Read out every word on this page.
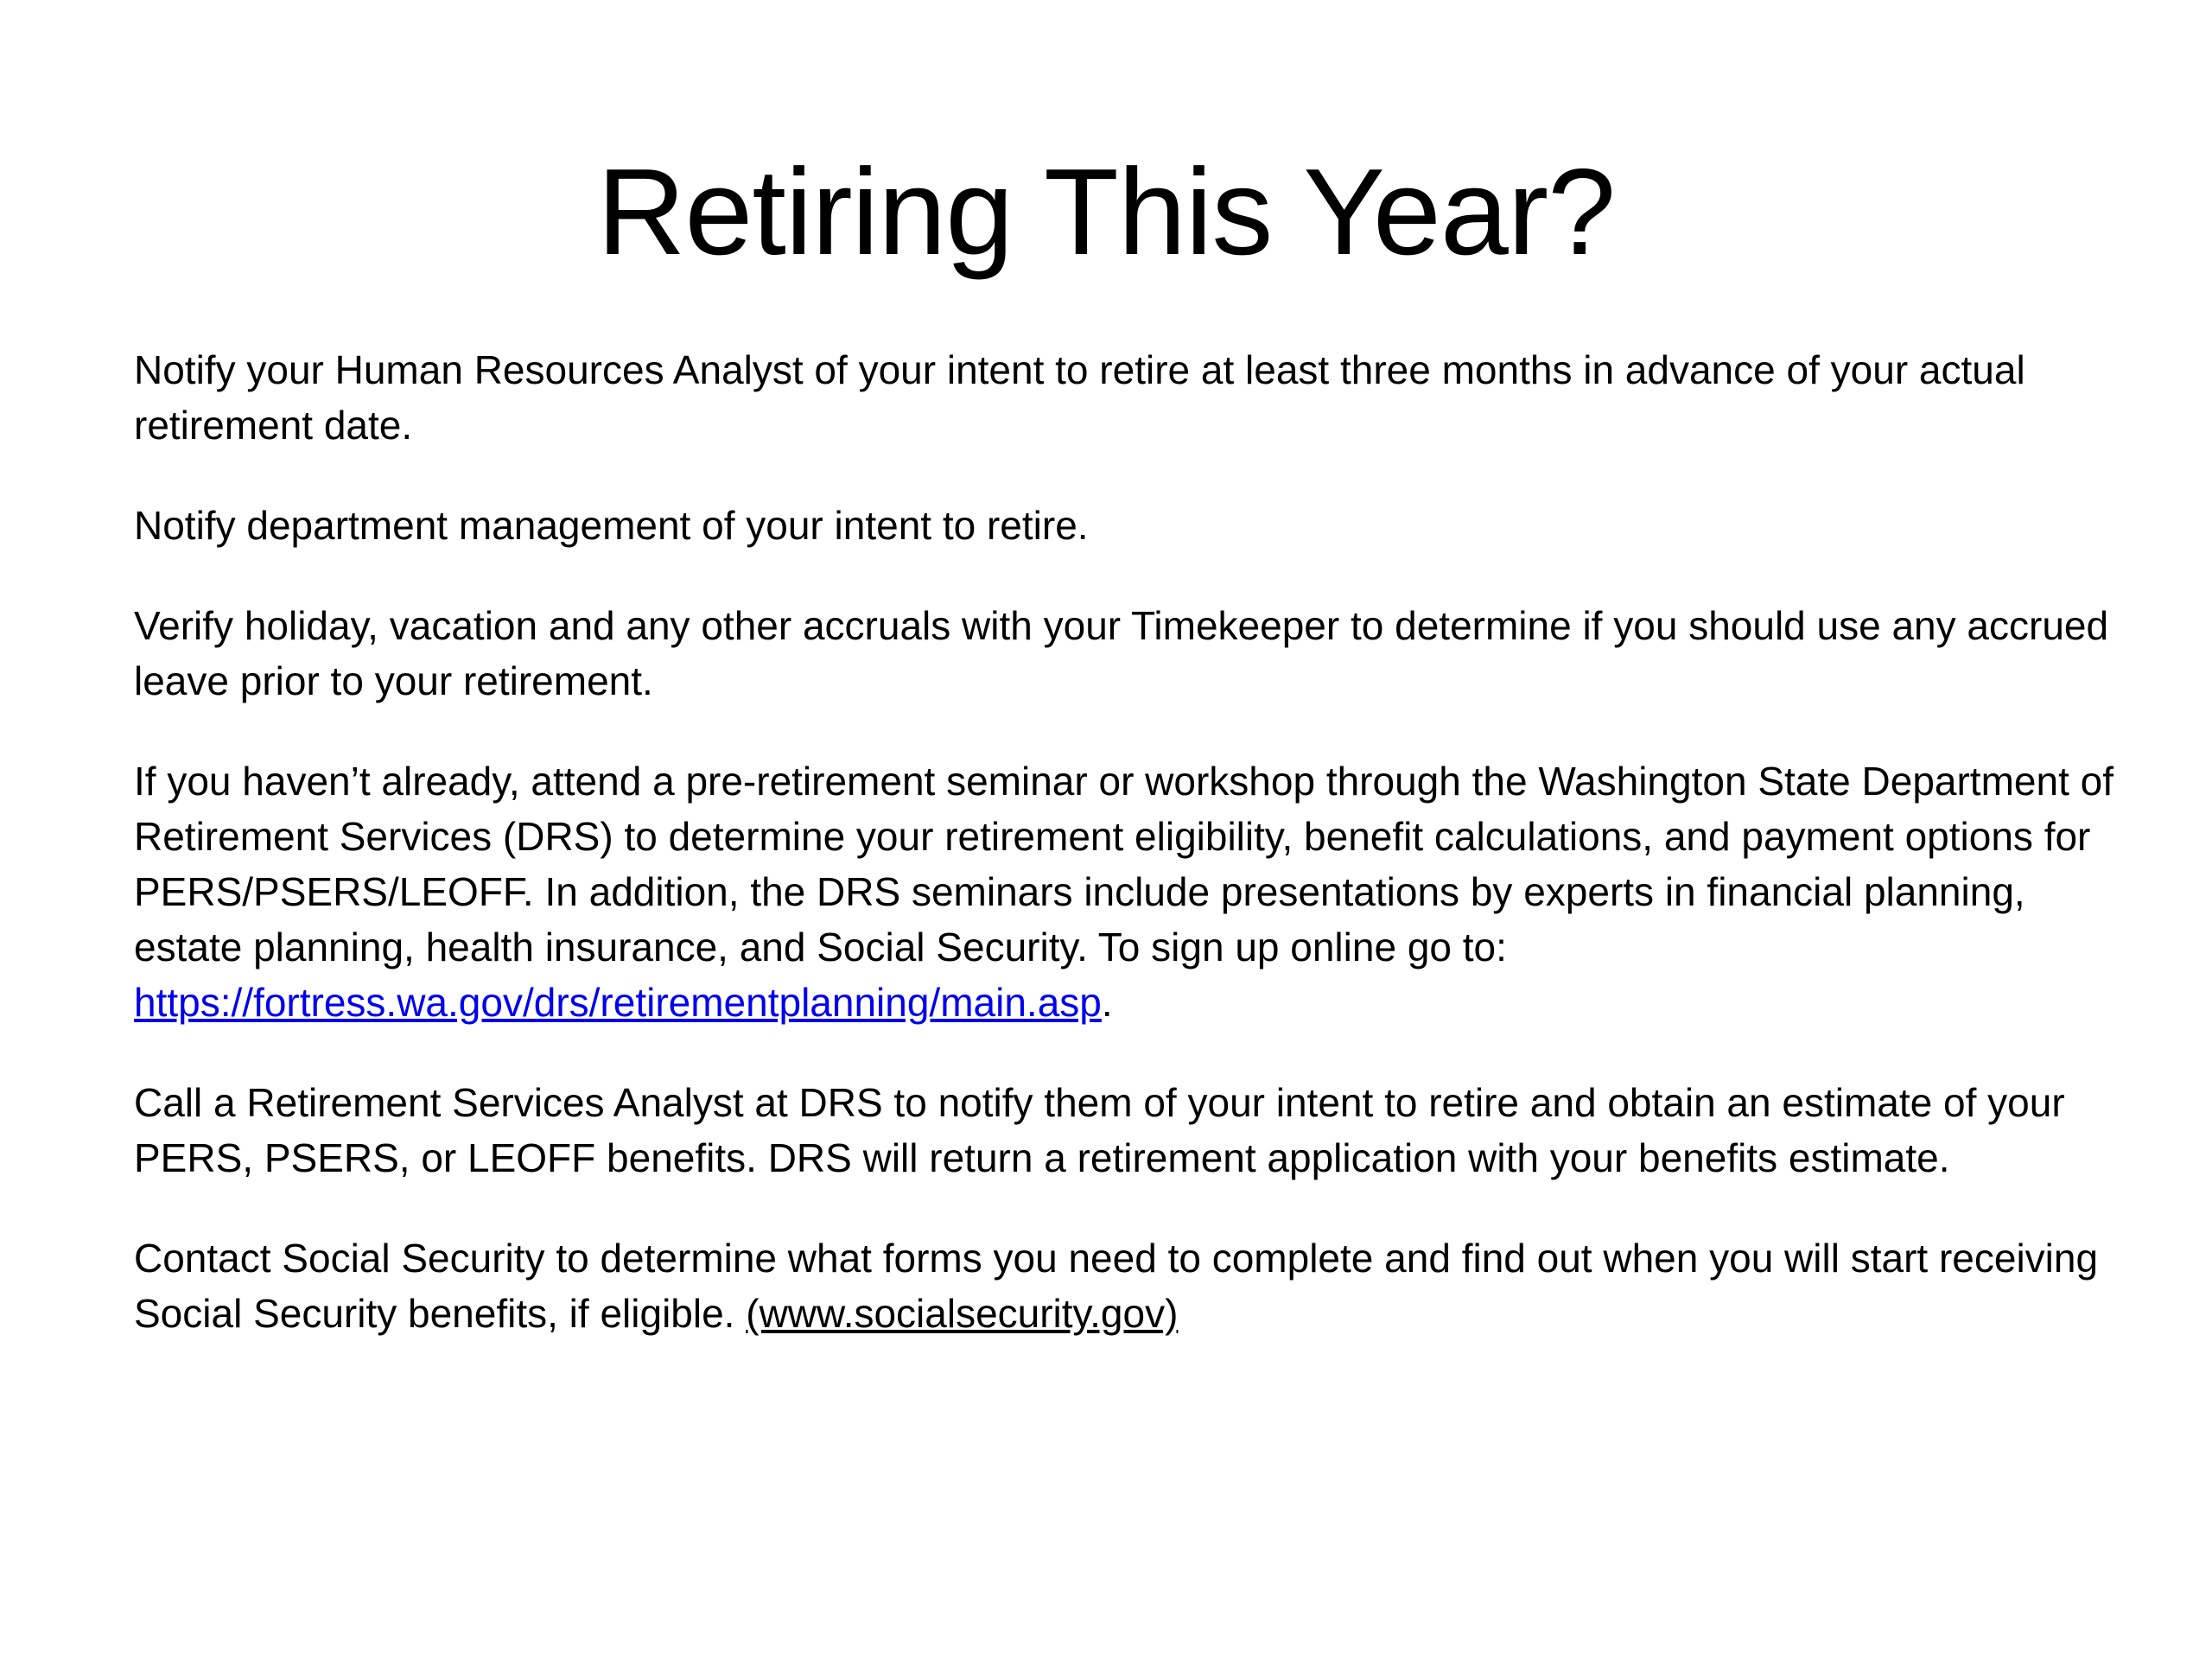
Retiring This Year?

Notify your Human Resources Analyst of your intent to retire at least three months in advance of your actual retirement date.

Notify department management of your intent to retire.

Verify holiday, vacation and any other accruals with your Timekeeper to determine if you should use any accrued leave prior to your retirement.

If you haven’t already, attend a pre-retirement seminar or workshop through the Washington State Department of Retirement Services (DRS) to determine your retirement eligibility, benefit calculations, and payment options for PERS/PSERS/LEOFF. In addition, the DRS seminars include presentations by experts in financial planning, estate planning, health insurance, and Social Security. To sign up online go to: https://fortress.wa.gov/drs/retirementplanning/main.asp.

Call a Retirement Services Analyst at DRS to notify them of your intent to retire and obtain an estimate of your PERS, PSERS, or LEOFF benefits. DRS will return a retirement application with your benefits estimate.

Contact Social Security to determine what forms you need to complete and find out when you will start receiving Social Security benefits, if eligible. (www.socialsecurity.gov)
